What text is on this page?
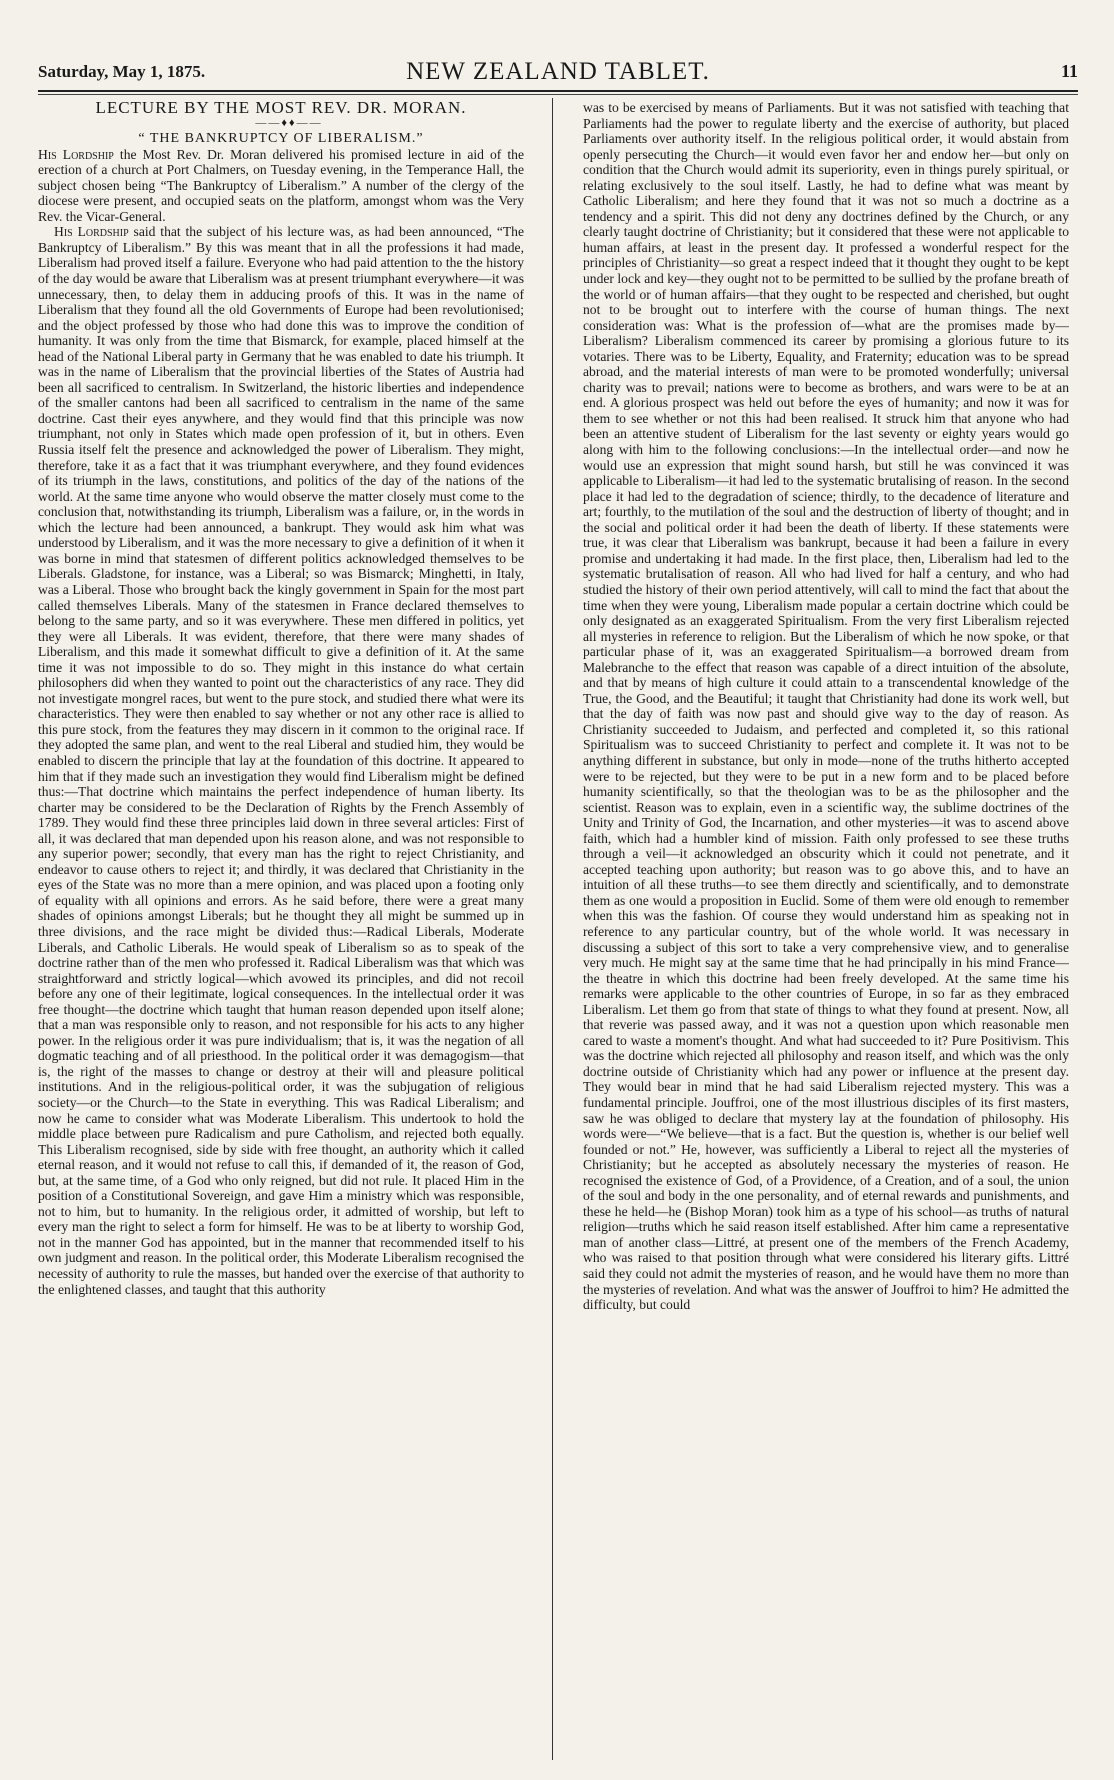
Saturday, May 1, 1875.	NEW ZEALAND TABLET.	11

LECTURE BY THE MOST REV. DR. MORAN.

——♦♦——

“ THE BANKRUPTCY OF LIBERALISM.”

His Lordship the Most Rev. Dr. Moran delivered his promised lecture in aid of the erection of a church at Port Chalmers, on Tuesday evening, in the Temperance Hall, the subject chosen being “The Bankruptcy of Liberalism.” A number of the clergy of the diocese were present, and occupied seats on the platform, amongst whom was the Very Rev. the Vicar-General.

His Lordship said that the subject of his lecture was, as had been announced, “The Bankruptcy of Liberalism.” By this was meant that in all the professions it had made, Liberalism had proved itself a failure. Everyone who had paid attention to the the history of the day would be aware that Liberalism was at present triumphant everywhere—it was unnecessary, then, to delay them in adducing proofs of this. It was in the name of Liberalism that they found all the old Governments of Europe had been revolutionised; and the object professed by those who had done this was to improve the condition of humanity. It was only from the time that Bismarck, for example, placed himself at the head of the National Liberal party in Germany that he was enabled to date his triumph. It was in the name of Liberalism that the provincial liberties of the States of Austria had been all sacrificed to centralism. In Switzerland, the historic liberties and independence of the smaller cantons had been all sacrificed to centralism in the name of the same doctrine. Cast their eyes anywhere, and they would find that this principle was now triumphant, not only in States which made open profession of it, but in others. Even Russia itself felt the presence and acknowledged the power of Liberalism. They might, therefore, take it as a fact that it was triumphant everywhere, and they found evidences of its triumph in the laws, constitutions, and politics of the day of the nations of the world. At the same time anyone who would observe the matter closely must come to the conclusion that, notwithstanding its triumph, Liberalism was a failure, or, in the words in which the lecture had been announced, a bankrupt. They would ask him what was understood by Liberalism, and it was the more necessary to give a definition of it when it was borne in mind that statesmen of different politics acknowledged themselves to be Liberals. Gladstone, for instance, was a Liberal; so was Bismarck; Minghetti, in Italy, was a Liberal. Those who brought back the kingly government in Spain for the most part called themselves Liberals. Many of the statesmen in France declared themselves to belong to the same party, and so it was everywhere. These men differed in politics, yet they were all Liberals. It was evident, therefore, that there were many shades of Liberalism, and this made it somewhat difficult to give a definition of it. At the same time it was not impossible to do so. They might in this instance do what certain philosophers did when they wanted to point out the characteristics of any race. They did not investigate mongrel races, but went to the pure stock, and studied there what were its characteristics. They were then enabled to say whether or not any other race is allied to this pure stock, from the features they may discern in it common to the original race. If they adopted the same plan, and went to the real Liberal and studied him, they would be enabled to discern the principle that lay at the foundation of this doctrine. It appeared to him that if they made such an investigation they would find Liberalism might be defined thus:—That doctrine which maintains the perfect independence of human liberty. Its charter may be considered to be the Declaration of Rights by the French Assembly of 1789. They would find these three principles laid down in three several articles: First of all, it was declared that man depended upon his reason alone, and was not responsible to any superior power; secondly, that every man has the right to reject Christianity, and endeavor to cause others to reject it; and thirdly, it was declared that Christianity in the eyes of the State was no more than a mere opinion, and was placed upon a footing only of equality with all opinions and errors. As he said before, there were a great many shades of opinions amongst Liberals; but he thought they all might be summed up in three divisions, and the race might be divided thus:—Radical Liberals, Moderate Liberals, and Catholic Liberals. He would speak of Liberalism so as to speak of the doctrine rather than of the men who professed it. Radical Liberalism was that which was straightforward and strictly logical—which avowed its principles, and did not recoil before any one of their legitimate, logical consequences. In the intellectual order it was free thought—the doctrine which taught that human reason depended upon itself alone; that a man was responsible only to reason, and not responsible for his acts to any higher power. In the religious order it was pure individualism; that is, it was the negation of all dogmatic teaching and of all priesthood. In the political order it was demagogism—that is, the right of the masses to change or destroy at their will and pleasure political institutions. And in the religious-political order, it was the subjugation of religious society—or the Church—to the State in everything. This was Radical Liberalism; and now he came to consider what was Moderate Liberalism. This undertook to hold the middle place between pure Radicalism and pure Catholism, and rejected both equally. This Liberalism recognised, side by side with free thought, an authority which it called eternal reason, and it would not refuse to call this, if demanded of it, the reason of God, but, at the same time, of a God who only reigned, but did not rule. It placed Him in the position of a Constitutional Sovereign, and gave Him a ministry which was responsible, not to him, but to humanity. In the religious order, it admitted of worship, but left to every man the right to select a form for himself. He was to be at liberty to worship God, not in the manner God has appointed, but in the manner that recommended itself to his own judgment and reason. In the political order, this Moderate Liberalism recognised the necessity of authority to rule the masses, but handed over the exercise of that authority to the enlightened classes, and taught that this authority

was to be exercised by means of Parliaments. But it was not satisfied with teaching that Parliaments had the power to regulate liberty and the exercise of authority, but placed Parliaments over authority itself. In the religious political order, it would abstain from openly persecuting the Church—it would even favor her and endow her—but only on condition that the Church would admit its superiority, even in things purely spiritual, or relating exclusively to the soul itself. Lastly, he had to define what was meant by Catholic Liberalism; and here they found that it was not so much a doctrine as a tendency and a spirit. This did not deny any doctrines defined by the Church, or any clearly taught doctrine of Christianity; but it considered that these were not applicable to human affairs, at least in the present day. It professed a wonderful respect for the principles of Christianity—so great a respect indeed that it thought they ought to be kept under lock and key—they ought not to be permitted to be sullied by the profane breath of the world or of human affairs—that they ought to be respected and cherished, but ought not to be brought out to interfere with the course of human things. The next consideration was: What is the profession of—what are the promises made by—Liberalism? Liberalism commenced its career by promising a glorious future to its votaries. There was to be Liberty, Equality, and Fraternity; education was to be spread abroad, and the material interests of man were to be promoted wonderfully; universal charity was to prevail; nations were to become as brothers, and wars were to be at an end. A glorious prospect was held out before the eyes of humanity; and now it was for them to see whether or not this had been realised. It struck him that anyone who had been an attentive student of Liberalism for the last seventy or eighty years would go along with him to the following conclusions:—In the intellectual order—and now he would use an expression that might sound harsh, but still he was convinced it was applicable to Liberalism—it had led to the systematic brutalising of reason. In the second place it had led to the degradation of science; thirdly, to the decadence of literature and art; fourthly, to the mutilation of the soul and the destruction of liberty of thought; and in the social and political order it had been the death of liberty. If these statements were true, it was clear that Liberalism was bankrupt, because it had been a failure in every promise and undertaking it had made. In the first place, then, Liberalism had led to the systematic brutalisation of reason. All who had lived for half a century, and who had studied the history of their own period attentively, will call to mind the fact that about the time when they were young, Liberalism made popular a certain doctrine which could be only designated as an exaggerated Spiritualism. From the very first Liberalism rejected all mysteries in reference to religion. But the Liberalism of which he now spoke, or that particular phase of it, was an exaggerated Spiritualism—a borrowed dream from Malebranche to the effect that reason was capable of a direct intuition of the absolute, and that by means of high culture it could attain to a transcendental knowledge of the True, the Good, and the Beautiful; it taught that Christianity had done its work well, but that the day of faith was now past and should give way to the day of reason. As Christianity succeeded to Judaism, and perfected and completed it, so this rational Spiritualism was to succeed Christianity to perfect and complete it. It was not to be anything different in substance, but only in mode—none of the truths hitherto accepted were to be rejected, but they were to be put in a new form and to be placed before humanity scientifically, so that the theologian was to be as the philosopher and the scientist. Reason was to explain, even in a scientific way, the sublime doctrines of the Unity and Trinity of God, the Incarnation, and other mysteries—it was to ascend above faith, which had a humbler kind of mission. Faith only professed to see these truths through a veil—it acknowledged an obscurity which it could not penetrate, and it accepted teaching upon authority; but reason was to go above this, and to have an intuition of all these truths—to see them directly and scientifically, and to demonstrate them as one would a proposition in Euclid. Some of them were old enough to remember when this was the fashion. Of course they would understand him as speaking not in reference to any particular country, but of the whole world. It was necessary in discussing a subject of this sort to take a very comprehensive view, and to generalise very much. He might say at the same time that he had principally in his mind France—the theatre in which this doctrine had been freely developed. At the same time his remarks were applicable to the other countries of Europe, in so far as they embraced Liberalism. Let them go from that state of things to what they found at present. Now, all that reverie was passed away, and it was not a question upon which reasonable men cared to waste a moment's thought. And what had succeeded to it? Pure Positivism. This was the doctrine which rejected all philosophy and reason itself, and which was the only doctrine outside of Christianity which had any power or influence at the present day. They would bear in mind that he had said Liberalism rejected mystery. This was a fundamental principle. Jouffroi, one of the most illustrious disciples of its first masters, saw he was obliged to declare that mystery lay at the foundation of philosophy. His words were—“We believe—that is a fact. But the question is, whether is our belief well founded or not.” He, however, was sufficiently a Liberal to reject all the mysteries of Christianity; but he accepted as absolutely necessary the mysteries of reason. He recognised the existence of God, of a Providence, of a Creation, and of a soul, the union of the soul and body in the one personality, and of eternal rewards and punishments, and these he held—he (Bishop Moran) took him as a type of his school—as truths of natural religion—truths which he said reason itself established. After him came a representative man of another class—Littré, at present one of the members of the French Academy, who was raised to that position through what were considered his literary gifts. Littré said they could not admit the mysteries of reason, and he would have them no more than the mysteries of revelation. And what was the answer of Jouffroi to him? He admitted the difficulty, but could
